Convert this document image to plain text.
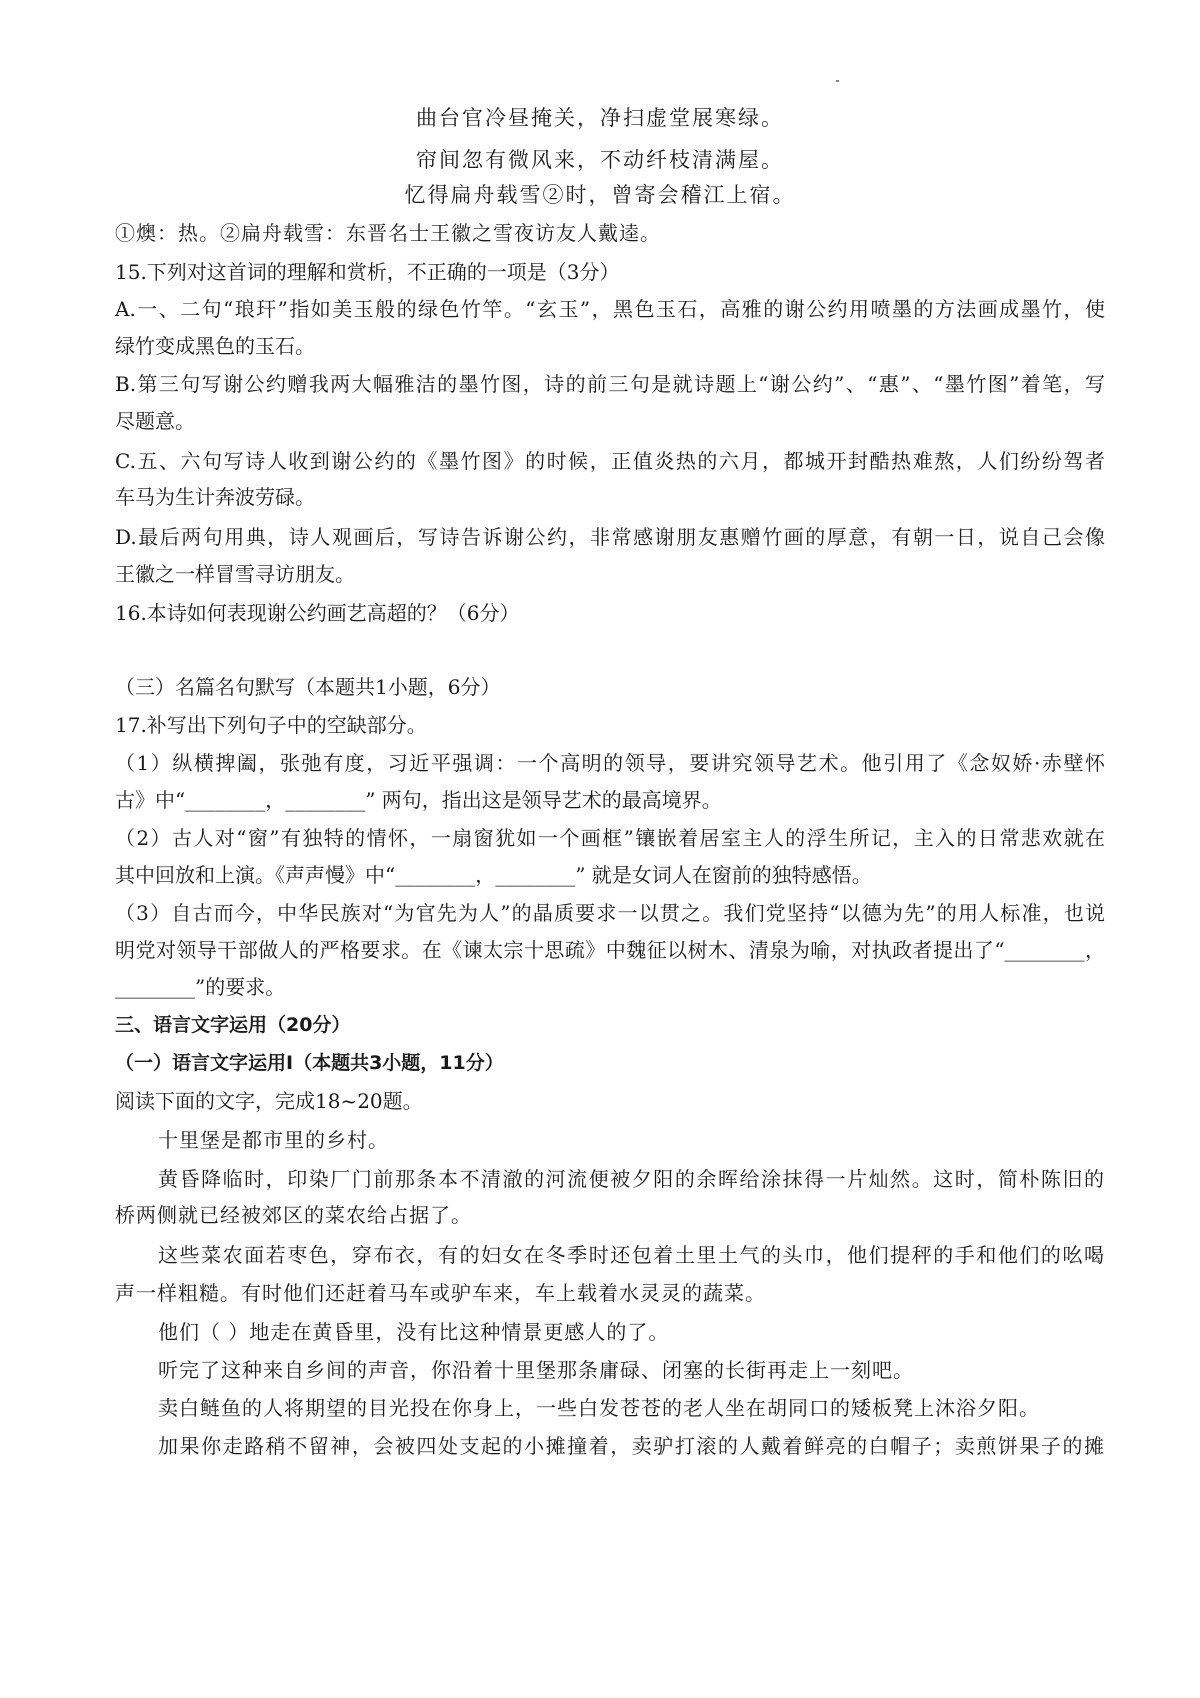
曲台官冷昼掩关，净扫虚堂展寒绿。
帘间忽有微风来，不动纤枝清满屋。
忆得扁舟载雪②时，曾寄会稽江上宿。
①燠：热。②扁舟载雪：东晋名士王徽之雪夜访友人戴逵。
15.下列对这首词的理解和赏析，不正确的一项是（3分）
A.一、二句“琅玕”指如美玉般的绿色竹竿。“玄玉”，黑色玉石，高雅的谢公约用喷墨的方法画成墨竹，使
绿竹变成黑色的玉石。
B.第三句写谢公约赠我两大幅雅洁的墨竹图，诗的前三句是就诗题上“谢公约”、“惠”、“墨竹图”着笔，写
尽题意。
C.五、六句写诗人收到谢公约的《墨竹图》的时候，正值炎热的六月，都城开封酷热难熬，人们纷纷驾者
车马为生计奔波劳碌。
D.最后两句用典，诗人观画后，写诗告诉谢公约，非常感谢朋友惠赠竹画的厚意，有朝一日，说自己会像
王徽之一样冒雪寻访朋友。
16.本诗如何表现谢公约画艺高超的？（6分）
（三）名篇名句默写（本题共1小题，6分）
17.补写出下列句子中的空缺部分。
（1）纵横捭阖，张弛有度，习近平强调：一个高明的领导，要讲究领导艺术。他引用了《念奴娇·赤壁怀
古》中“________，________” 两句，指出这是领导艺术的最高境界。
（2）古人对“窗”有独特的情怀，一扇窗犹如一个画框”镶嵌着居室主人的浮生所记，主入的日常悲欢就在
其中回放和上演。《声声慢》中“________，________” 就是女词人在窗前的独特感悟。
（3）自古而今，中华民族对“为官先为人”的晶质要求一以贯之。我们党坚持“以德为先”的用人标准，也说
明党对领导干部做人的严格要求。在《谏太宗十思疏》中魏征以树木、清泉为喻，对执政者提出了“________，
________”的要求。
三、语言文字运用（20分）
（一）语言文字运用Ⅰ（本题共3小题，11分）
阅读下面的文字，完成18~20题。
十里堡是都市里的乡村。
黄昏降临时，印染厂门前那条本不清澈的河流便被夕阳的余晖给涂抹得一片灿然。这时，简朴陈旧的
桥两侧就已经被郊区的菜农给占据了。
这些菜农面若枣色，穿布衣，有的妇女在冬季时还包着土里土气的头巾，他们提秤的手和他们的吆喝
声一样粗糙。有时他们还赶着马车或驴车来，车上载着水灵灵的蔬菜。
他们（ ）地走在黄昏里，没有比这种情景更感人的了。
听完了这种来自乡间的声音，你沿着十里堡那条庸碌、闭塞的长街再走上一刻吧。
卖白鲢鱼的人将期望的目光投在你身上，一些白发苍苍的老人坐在胡同口的矮板凳上沐浴夕阳。
加果你走路稍不留神，会被四处支起的小摊撞着，卖驴打滚的人戴着鲜亮的白帽子；卖煎饼果子的摊
